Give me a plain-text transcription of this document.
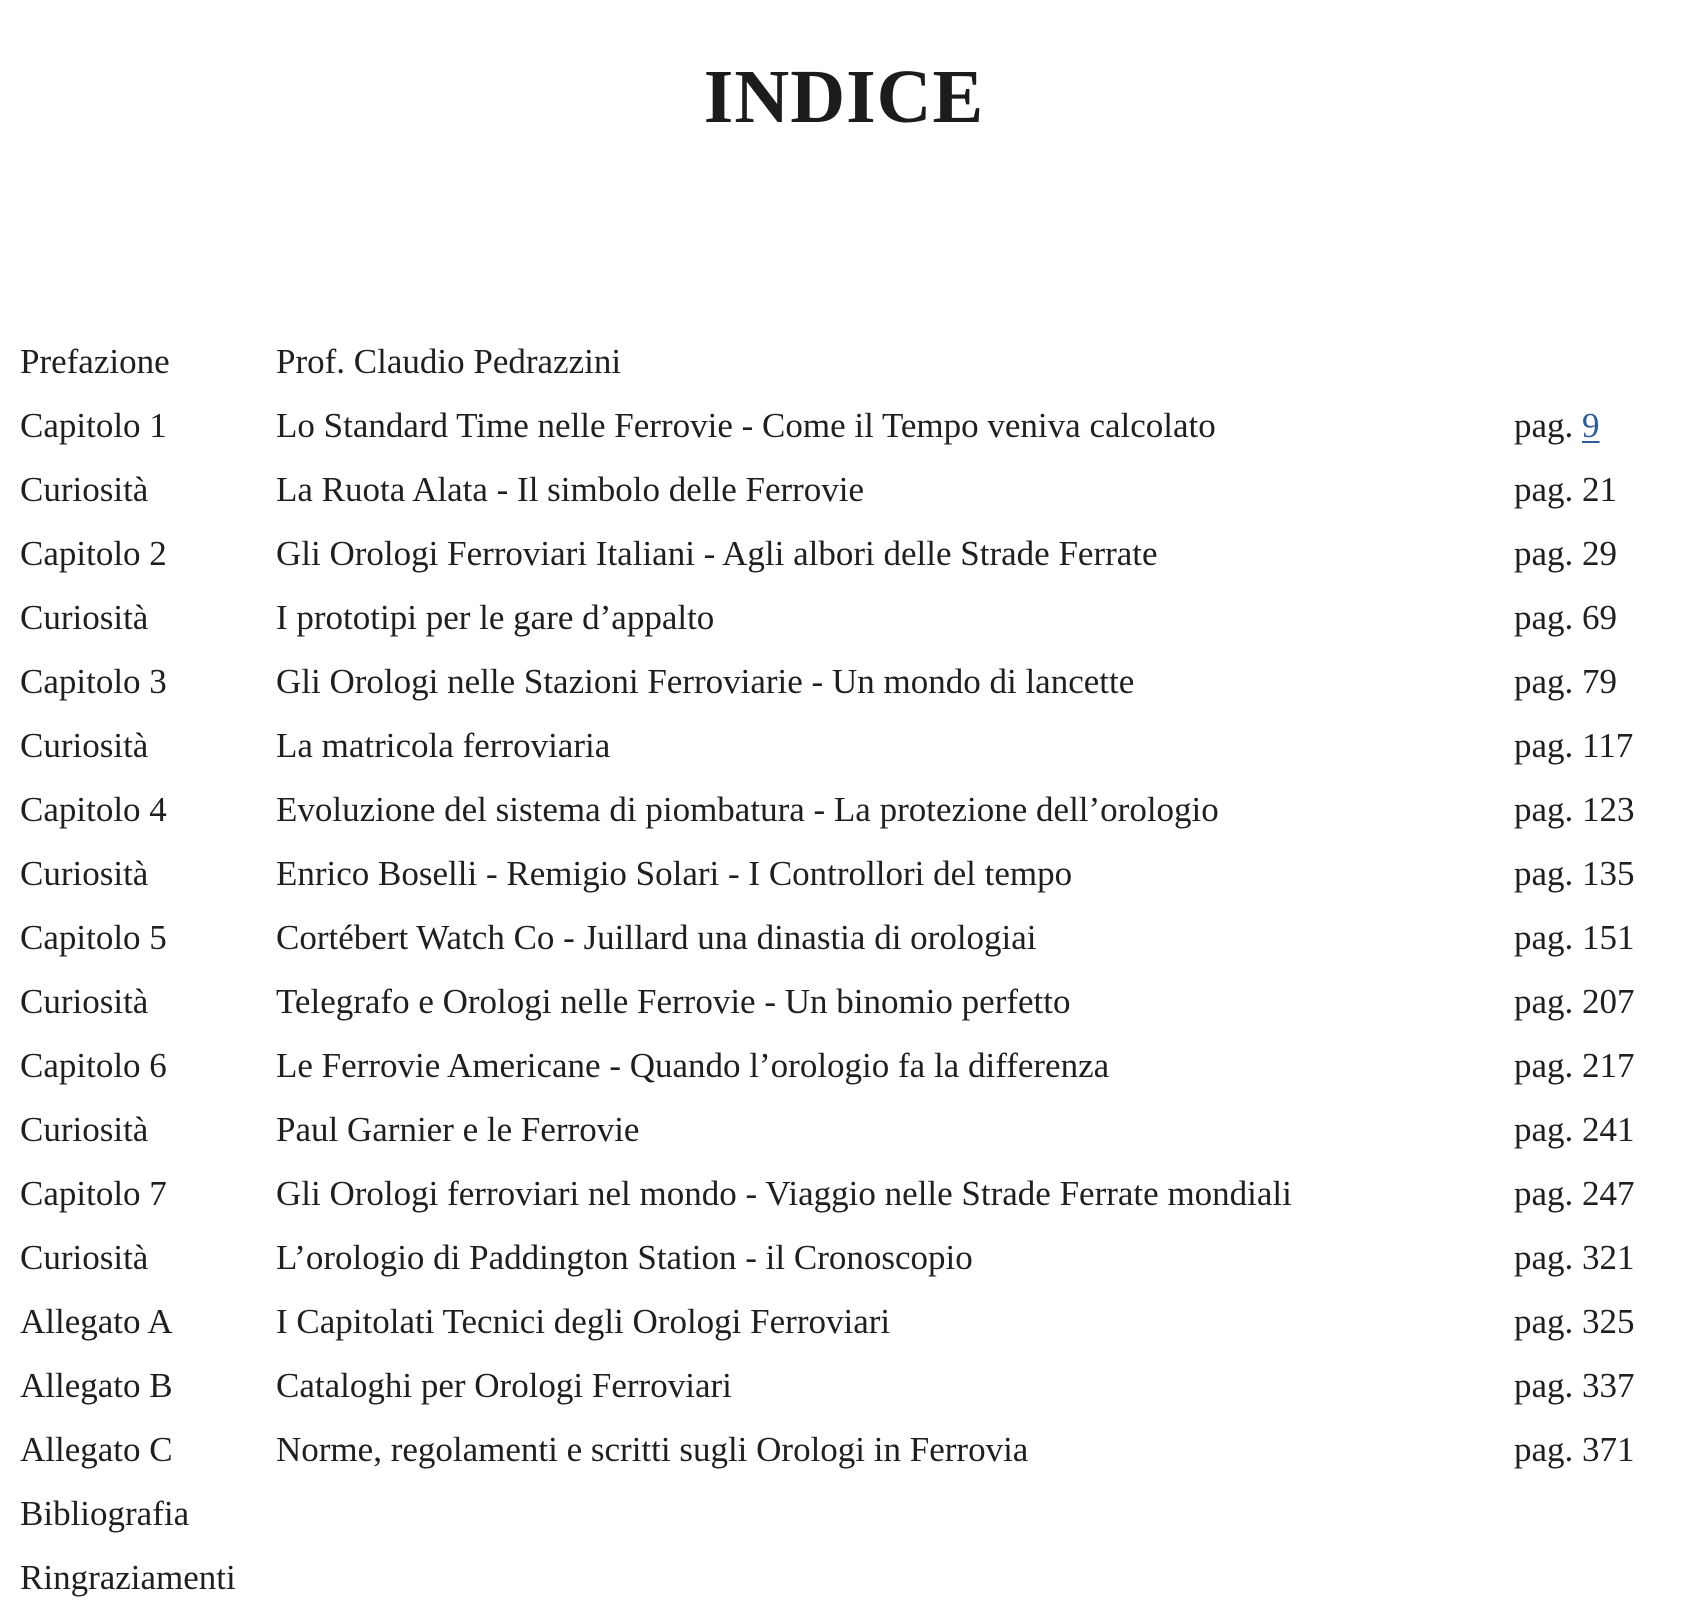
INDICE
Prefazione	Prof. Claudio Pedrazzini
Capitolo 1	Lo Standard Time nelle Ferrovie - Come il Tempo veniva calcolato	pag. 9
Curiosità	La Ruota Alata - Il simbolo delle Ferrovie	pag. 21
Capitolo 2	Gli Orologi Ferroviari Italiani - Agli albori delle Strade Ferrate	pag. 29
Curiosità	I prototipi per le gare d’appalto	pag. 69
Capitolo 3	Gli Orologi nelle Stazioni Ferroviarie - Un mondo di lancette	pag. 79
Curiosità	La matricola ferroviaria	pag. 117
Capitolo 4	Evoluzione del sistema di piombatura - La protezione dell’orologio	pag. 123
Curiosità	Enrico Boselli - Remigio Solari - I Controllori del tempo	pag. 135
Capitolo 5	Cortébert Watch Co - Juillard una dinastia di orologiai	pag. 151
Curiosità	Telegrafo e Orologi nelle Ferrovie - Un binomio perfetto	pag. 207
Capitolo 6	Le Ferrovie Americane - Quando l’orologio fa la differenza	pag. 217
Curiosità	Paul Garnier e le Ferrovie	pag. 241
Capitolo 7	Gli Orologi ferroviari nel mondo - Viaggio nelle Strade Ferrate mondiali	pag. 247
Curiosità	L’orologio di Paddington Station - il Cronoscopio	pag. 321
Allegato A	I Capitolati Tecnici degli Orologi Ferroviari	pag. 325
Allegato B	Cataloghi per Orologi Ferroviari	pag. 337
Allegato C	Norme, regolamenti e scritti sugli Orologi in Ferrovia	pag. 371
Bibliografia
Ringraziamenti
